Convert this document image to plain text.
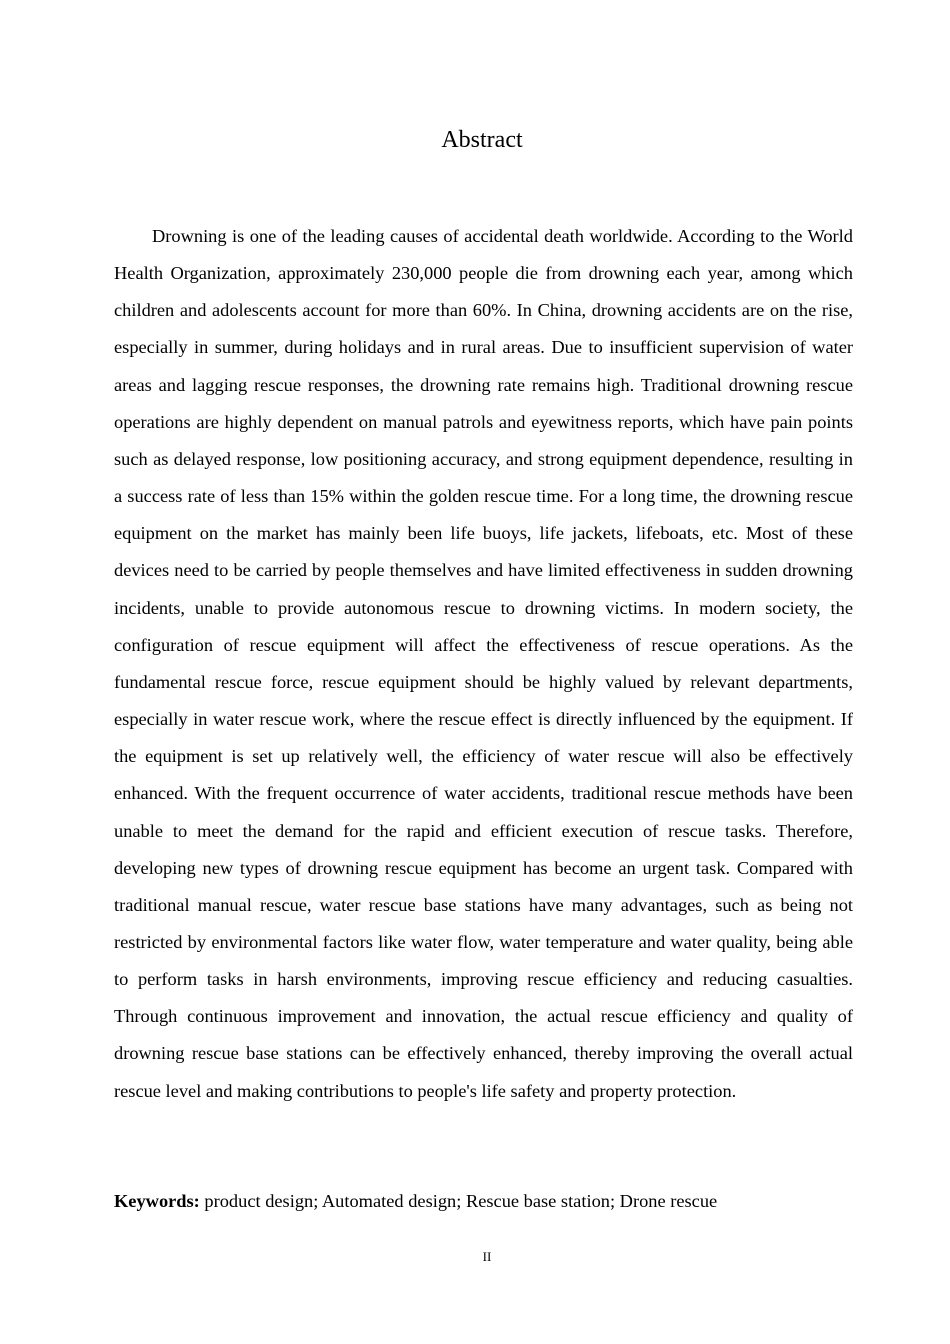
Abstract

Drowning is one of the leading causes of accidental death worldwide. According to the World Health Organization, approximately 230,000 people die from drowning each year, among which children and adolescents account for more than 60%. In China, drowning accidents are on the rise, especially in summer, during holidays and in rural areas. Due to insufficient supervision of water areas and lagging rescue responses, the drowning rate remains high. Traditional drowning rescue operations are highly dependent on manual patrols and eyewitness reports, which have pain points such as delayed response, low positioning accuracy, and strong equipment dependence, resulting in a success rate of less than 15% within the golden rescue time. For a long time, the drowning rescue equipment on the market has mainly been life buoys, life jackets, lifeboats, etc. Most of these devices need to be carried by people themselves and have limited effectiveness in sudden drowning incidents, unable to provide autonomous rescue to drowning victims. In modern society, the configuration of rescue equipment will affect the effectiveness of rescue operations. As the fundamental rescue force, rescue equipment should be highly valued by relevant departments, especially in water rescue work, where the rescue effect is directly influenced by the equipment. If the equipment is set up relatively well, the efficiency of water rescue will also be effectively enhanced. With the frequent occurrence of water accidents, traditional rescue methods have been unable to meet the demand for the rapid and efficient execution of rescue tasks. Therefore, developing new types of drowning rescue equipment has become an urgent task. Compared with traditional manual rescue, water rescue base stations have many advantages, such as being not restricted by environmental factors like water flow, water temperature and water quality, being able to perform tasks in harsh environments, improving rescue efficiency and reducing casualties. Through continuous improvement and innovation, the actual rescue efficiency and quality of drowning rescue base stations can be effectively enhanced, thereby improving the overall actual rescue level and making contributions to people's life safety and property protection.

Keywords: product design; Automated design; Rescue base station; Drone rescue

II
